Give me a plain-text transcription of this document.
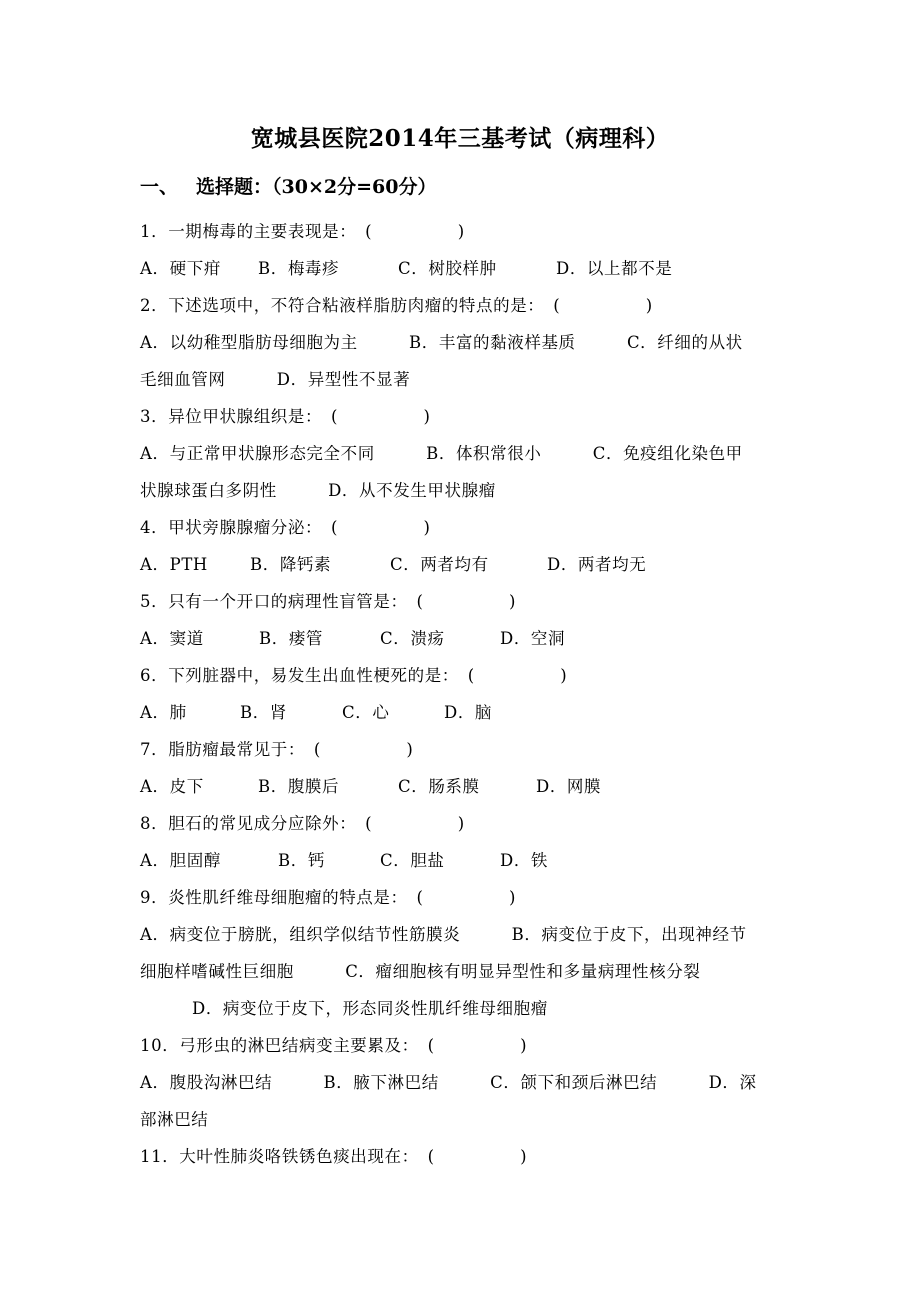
宽城县医院2014年三基考试（病理科）
一、 选择题：（30×2分=60分）
1．一期梅毒的主要表现是：　 (　　　　　)
A．硬下疳 B．梅毒疹	C．树胶样肿	D．以上都不是
2．下述选项中，不符合粘液样脂肪肉瘤的特点的是：　 (　　　　　)
A．以幼稚型脂肪母细胞为主　　　B．丰富的黏液样基质　　　C．纤细的从状
毛细血管网　　　D．异型性不显著
3．异位甲状腺组织是：　 (　　　　　)
A．与正常甲状腺形态完全不同　　　B．体积常很小　　　C．免疫组化染色甲
状腺球蛋白多阴性　　　D．从不发生甲状腺瘤
4．甲状旁腺腺瘤分泌：　 (　　　　　)
A．PTH	B．降钙素	C．两者均有	D．两者均无
5．只有一个开口的病理性盲管是：　 (　　　　　)
A．窦道	B．瘘管	C．溃疡	D．空洞
6．下列脏器中，易发生出血性梗死的是：　 (　　　　　)
A．肺	B．肾	C．心	D．脑
7．脂肪瘤最常见于：　 (　　　　　)
A．皮下	B．腹膜后	C．肠系膜	D．网膜
8．胆石的常见成分应除外：　 (　　　　　)
A．胆固醇	B．钙	C．胆盐	D．铁
9．炎性肌纤维母细胞瘤的特点是：　 (　　　　　)
A．病变位于膀胱，组织学似结节性筋膜炎　　　B．病变位于皮下，出现神经节
细胞样嗜碱性巨细胞　　　C．瘤细胞核有明显异型性和多量病理性核分裂
D．病变位于皮下，形态同炎性肌纤维母细胞瘤
10．弓形虫的淋巴结病变主要累及：　 (　　　　　)
A．腹股沟淋巴结　　　B．腋下淋巴结　　　C．颌下和颈后淋巴结　　　D．深
部淋巴结
11．大叶性肺炎咯铁锈色痰出现在：　 (　　　　　)
